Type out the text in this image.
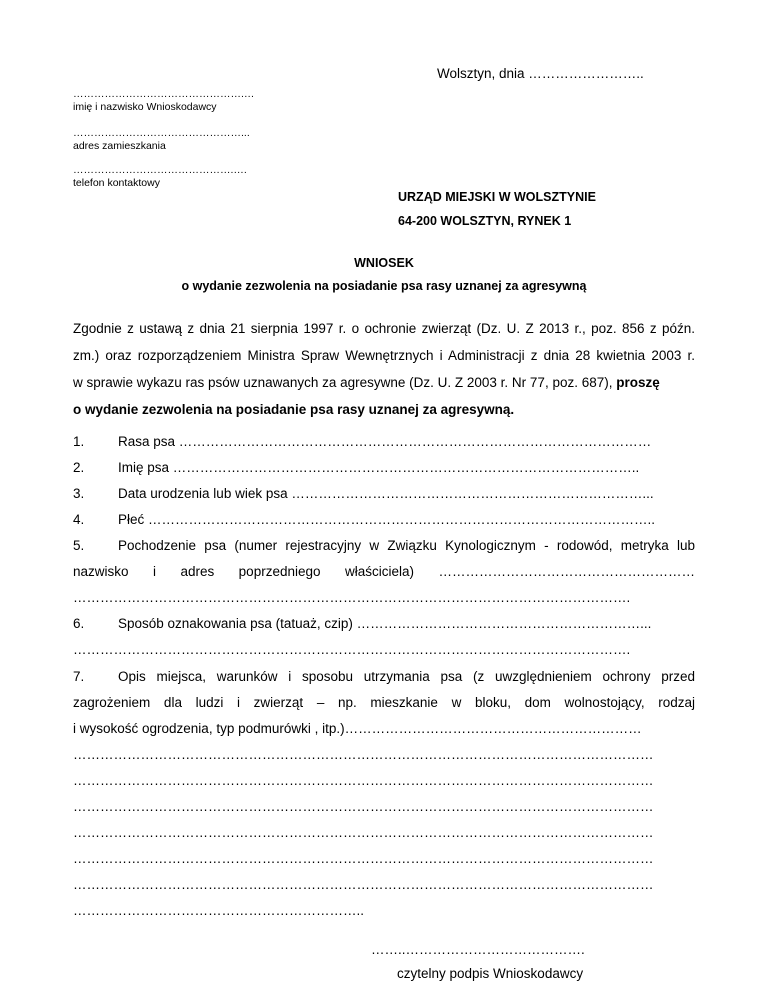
Wolsztyn, dnia ……………………..
………………………………………….…
imię i nazwisko Wnioskodawcy
…………………………………………...
adres zamieszkania
……………………………………….….
telefon kontaktowy
URZĄD MIEJSKI W WOLSZTYNIE
64-200 WOLSZTYN, RYNEK 1
WNIOSEK
o wydanie zezwolenia na posiadanie psa rasy uznanej za agresywną
Zgodnie z ustawą z dnia 21 sierpnia 1997 r. o ochronie zwierząt (Dz. U. Z 2013 r., poz. 856 z późn.
zm.) oraz rozporządzeniem Ministra Spraw Wewnętrznych i Administracji z dnia 28 kwietnia 2003 r.
w sprawie wykazu ras psów uznawanych za agresywne (Dz. U. Z 2003 r. Nr 77, poz. 687), proszę
o wydanie zezwolenia na posiadanie psa rasy uznanej za agresywną.
1. Rasa psa ……………………………………………………………………………………………
2. Imię psa …………………………………………………………………………………………..
3. Data urodzenia lub wiek psa ……………………………………………………………………...
4. Płeć …………………………………………………………………………………………………..
5. Pochodzenie psa (numer rejestracyjny w Związku Kynologicznym - rodowód, metryka lub
nazwisko i adres poprzedniego właściciela) …………………………………………………
…………………………………………………………………………………………………………….
6. Sposób oznakowania psa (tatuaż, czip) ………………………………………………………...
…………………………………………………………………………………………………………….
7. Opis miejsca, warunków i sposobu utrzymania psa (z uwzględnieniem ochrony przed
zagrożeniem dla ludzi i zwierząt – np. mieszkanie w bloku, dom wolnostojący, rodzaj
i wysokość ogrodzenia, typ podmurówki , itp.)…………………………………………………………
…………………………………………………………………………………………………………………
…………………………………………………………………………………………………………………
…………………………………………………………………………………………………………………
…………………………………………………………………………………………………………………
…………………………………………………………………………………………………………………
…………………………………………………………………………………………………………………
………………………………………………………..
……..………………………………….
czytelny podpis Wnioskodawcy
